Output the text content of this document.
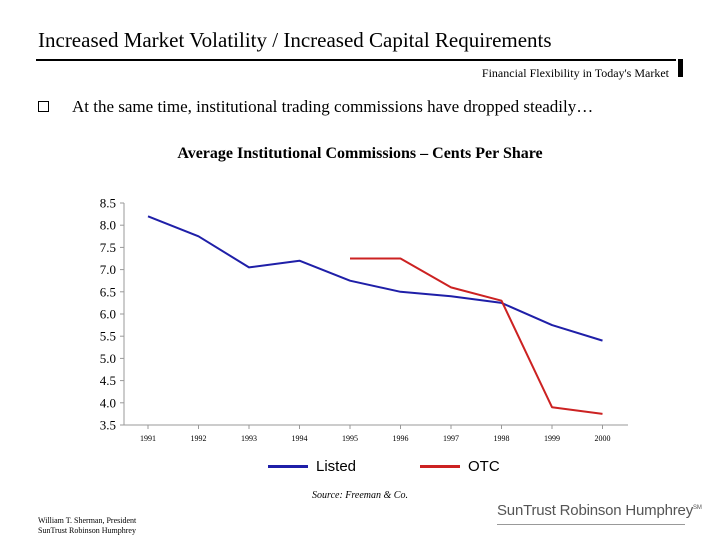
Increased Market Volatility / Increased Capital Requirements
Financial Flexibility in Today's Market
At the same time, institutional trading commissions have dropped steadily…
Average Institutional Commissions – Cents Per Share
8.5
8.0
7.5
7.0
6.5
6.0
5.5
5.0
4.5
4.0
3.5
1991	1992	1993	1994	1995	1996	1997	1998	1999	2000
Listed	OTC
Source: Freeman & Co.
William T. Sherman, President
SunTrust Robinson Humphrey
SunTrust Robinson Humphrey℠
